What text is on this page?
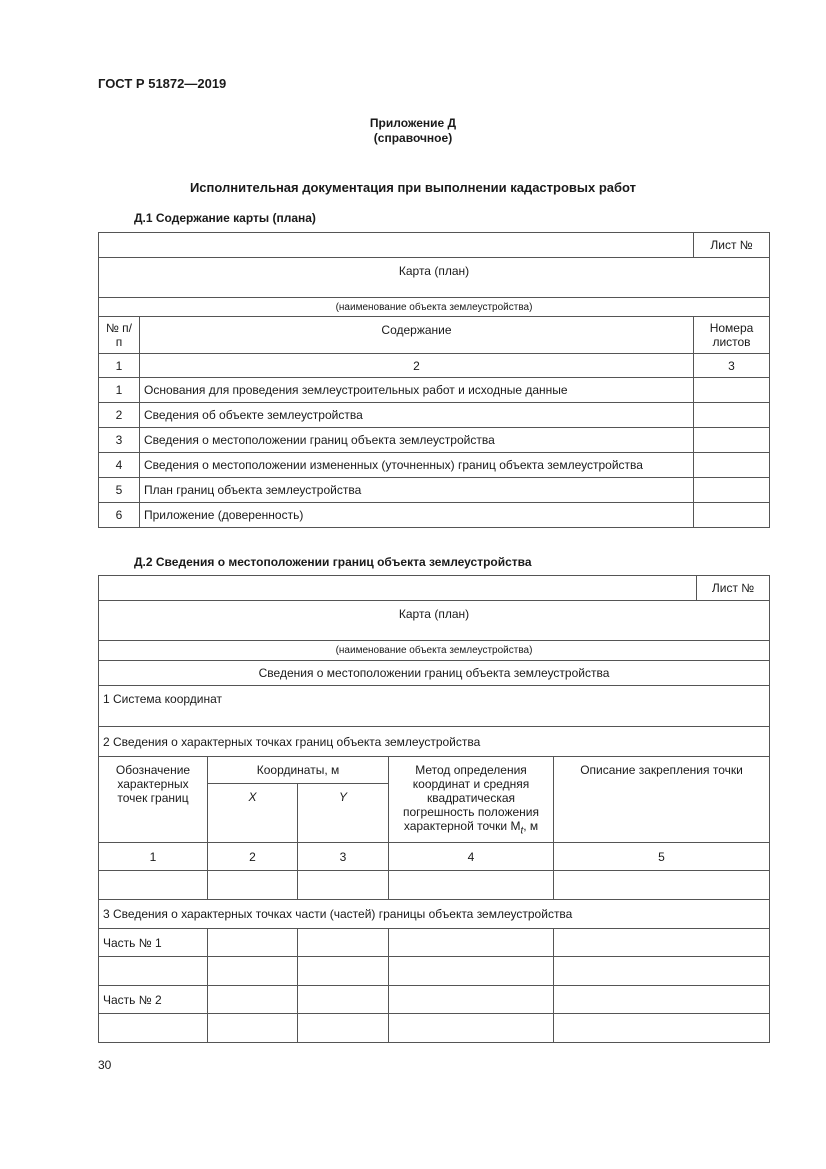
ГОСТ Р 51872—2019
Приложение Д
(справочное)
Исполнительная документация при выполнении кадастровых работ
Д.1 Содержание карты (плана)
		Лист №
Карта (план)		
(наименование объекта землеустройства)		
№ п/п	Содержание	Номера листов
1	2	3
1	Основания для проведения землеустроительных работ и исходные данные	
2	Сведения об объекте землеустройства	
3	Сведения о местоположении границ объекта землеустройства	
4	Сведения о местоположении измененных (уточненных) границ объекта землеустройства	
5	План границ объекта землеустройства	
6	Приложение (доверенность)	
Д.2 Сведения о местоположении границ объекта землеустройства
					Лист №
Карта (план)					
(наименование объекта землеустройства)					
Сведения о местоположении границ объекта землеустройства					
1 Система координат					
2 Сведения о характерных точках границ объекта землеустройства					
Обозначение характерных точек границ	Координаты, м		Метод определения координат и средняя квадратическая погрешность положения характерной точки $M_t$, м	Описание закрепления точки	
	X	Y			
1	2	3	4	5	

3 Сведения о характерных точках части (частей) границы объекта землеустройства					
Часть № 1					

Часть № 2					

30
